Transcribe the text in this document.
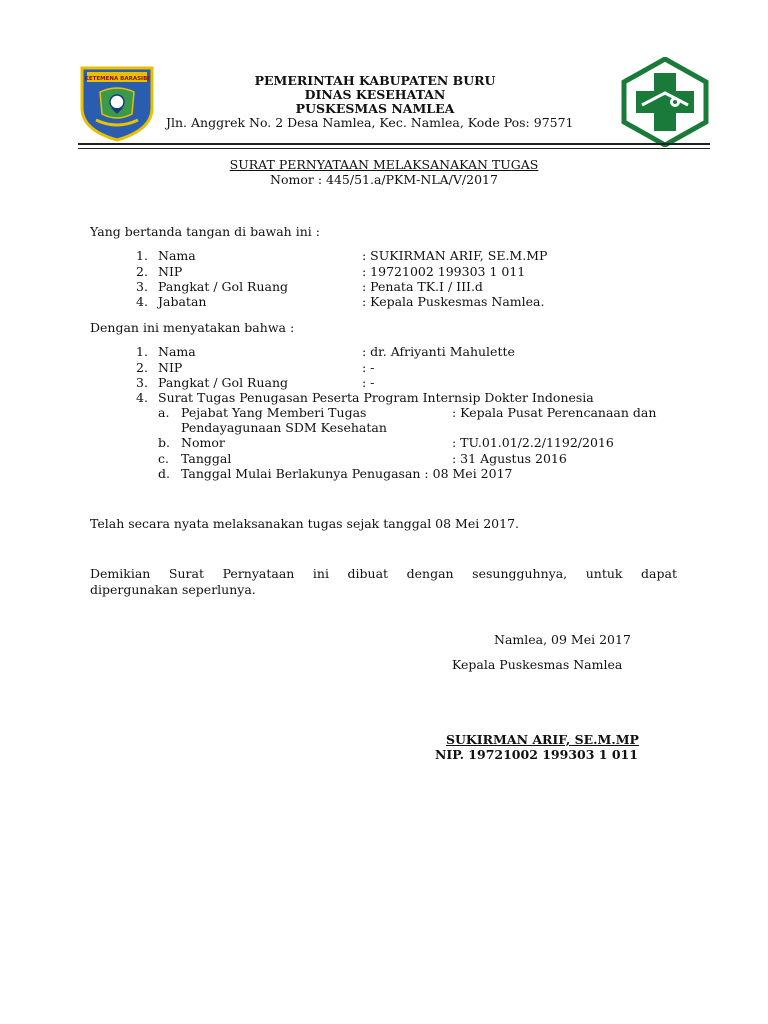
KETEMENA BARASIBI	PEMERINTAH KABUPATEN BURU
DINAS KESEHATAN
PUSKESMAS NAMLEA
Jln. Anggrek No. 2 Desa Namlea, Kec. Namlea, Kode Pos: 97571
SURAT PERNYATAAN MELAKSANAKAN TUGAS
Nomor : 445/51.a/PKM-NLA/V/2017
Yang bertanda tangan di bawah ini :
1. Nama	: SUKIRMAN ARIF, SE.M.MP
2. NIP	: 19721002 199303 1 011
3. Pangkat / Gol Ruang	: Penata TK.I / III.d
4. Jabatan	: Kepala Puskesmas Namlea.
Dengan ini menyatakan bahwa :
1. Nama	: dr. Afriyanti Mahulette
2. NIP	: -
3. Pangkat / Gol Ruang	: -
4. Surat Tugas Penugasan Peserta Program Internsip Dokter Indonesia
a. Pejabat Yang Memberi Tugas	: Kepala Pusat Perencanaan dan
Pendayagunaan SDM Kesehatan
b. Nomor	: TU.01.01/2.2/1192/2016
c. Tanggal	: 31 Agustus 2016
d. Tanggal Mulai Berlakunya Penugasan : 08 Mei 2017
Telah secara nyata melaksanakan tugas sejak tanggal 08 Mei 2017.
Demikian Surat Pernyataan ini dibuat dengan sesungguhnya, untuk dapat
dipergunakan seperlunya.
Namlea, 09 Mei 2017
Kepala Puskesmas Namlea
SUKIRMAN ARIF, SE.M.MP
NIP. 19721002 199303 1 011
